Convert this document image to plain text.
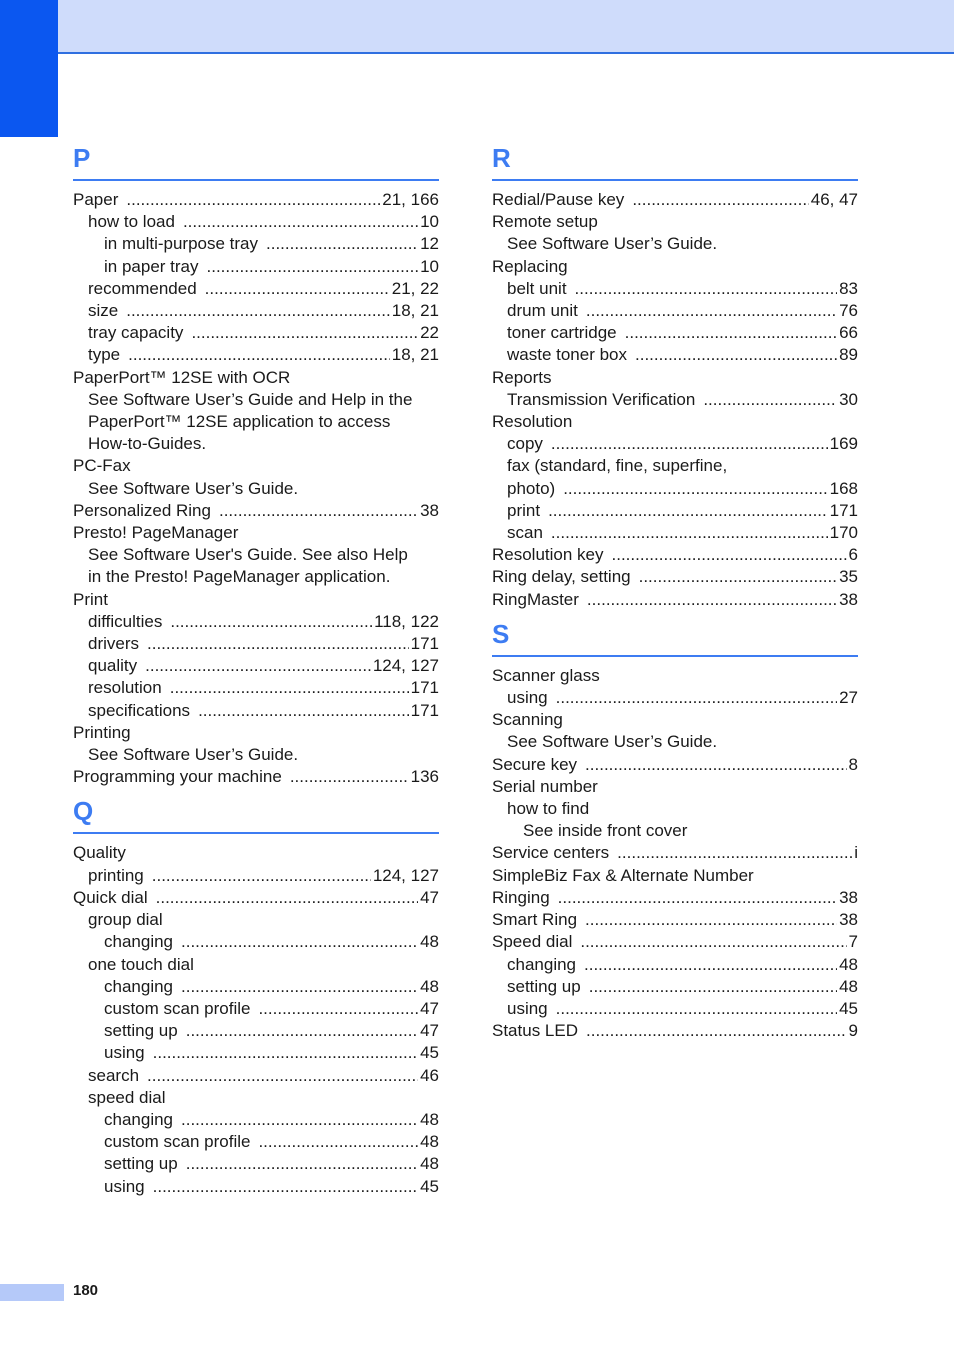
P
Paper .....	21, 166
how to load .....	10
in multi-purpose tray .....	12
in paper tray .....	10
recommended .....	21, 22
size .....	18, 21
tray capacity .....	22
type .....	18, 21
PaperPort™ 12SE with OCR
See Software User’s Guide and Help in the
PaperPort™ 12SE application to access
How-to-Guides.
PC-Fax
See Software User’s Guide.
Personalized Ring .....	38
Presto! PageManager
See Software User's Guide. See also Help
in the Presto! PageManager application.
Print
difficulties .....	118, 122
drivers .....	171
quality .....	124, 127
resolution .....	171
specifications .....	171
Printing
See Software User’s Guide.
Programming your machine .....	136
Q
Quality
printing .....	124, 127
Quick dial .....	47
group dial
changing .....	48
one touch dial
changing .....	48
custom scan profile .....	47
setting up .....	47
using .....	45
search .....	46
speed dial
changing .....	48
custom scan profile .....	48
setting up .....	48
using .....	45
R
Redial/Pause key .....	46, 47
Remote setup
See Software User’s Guide.
Replacing
belt unit .....	83
drum unit .....	76
toner cartridge .....	66
waste toner box .....	89
Reports
Transmission Verification .....	30
Resolution
copy .....	169
fax (standard, fine, superfine,
photo) .....	168
print .....	171
scan .....	170
Resolution key .....	6
Ring delay, setting .....	35
RingMaster .....	38
S
Scanner glass
using .....	27
Scanning
See Software User’s Guide.
Secure key .....	8
Serial number
how to find
See inside front cover
Service centers .....	i
SimpleBiz Fax & Alternate Number
Ringing .....	38
Smart Ring .....	38
Speed dial .....	7
changing .....	48
setting up .....	48
using .....	45
Status LED .....	9
180
